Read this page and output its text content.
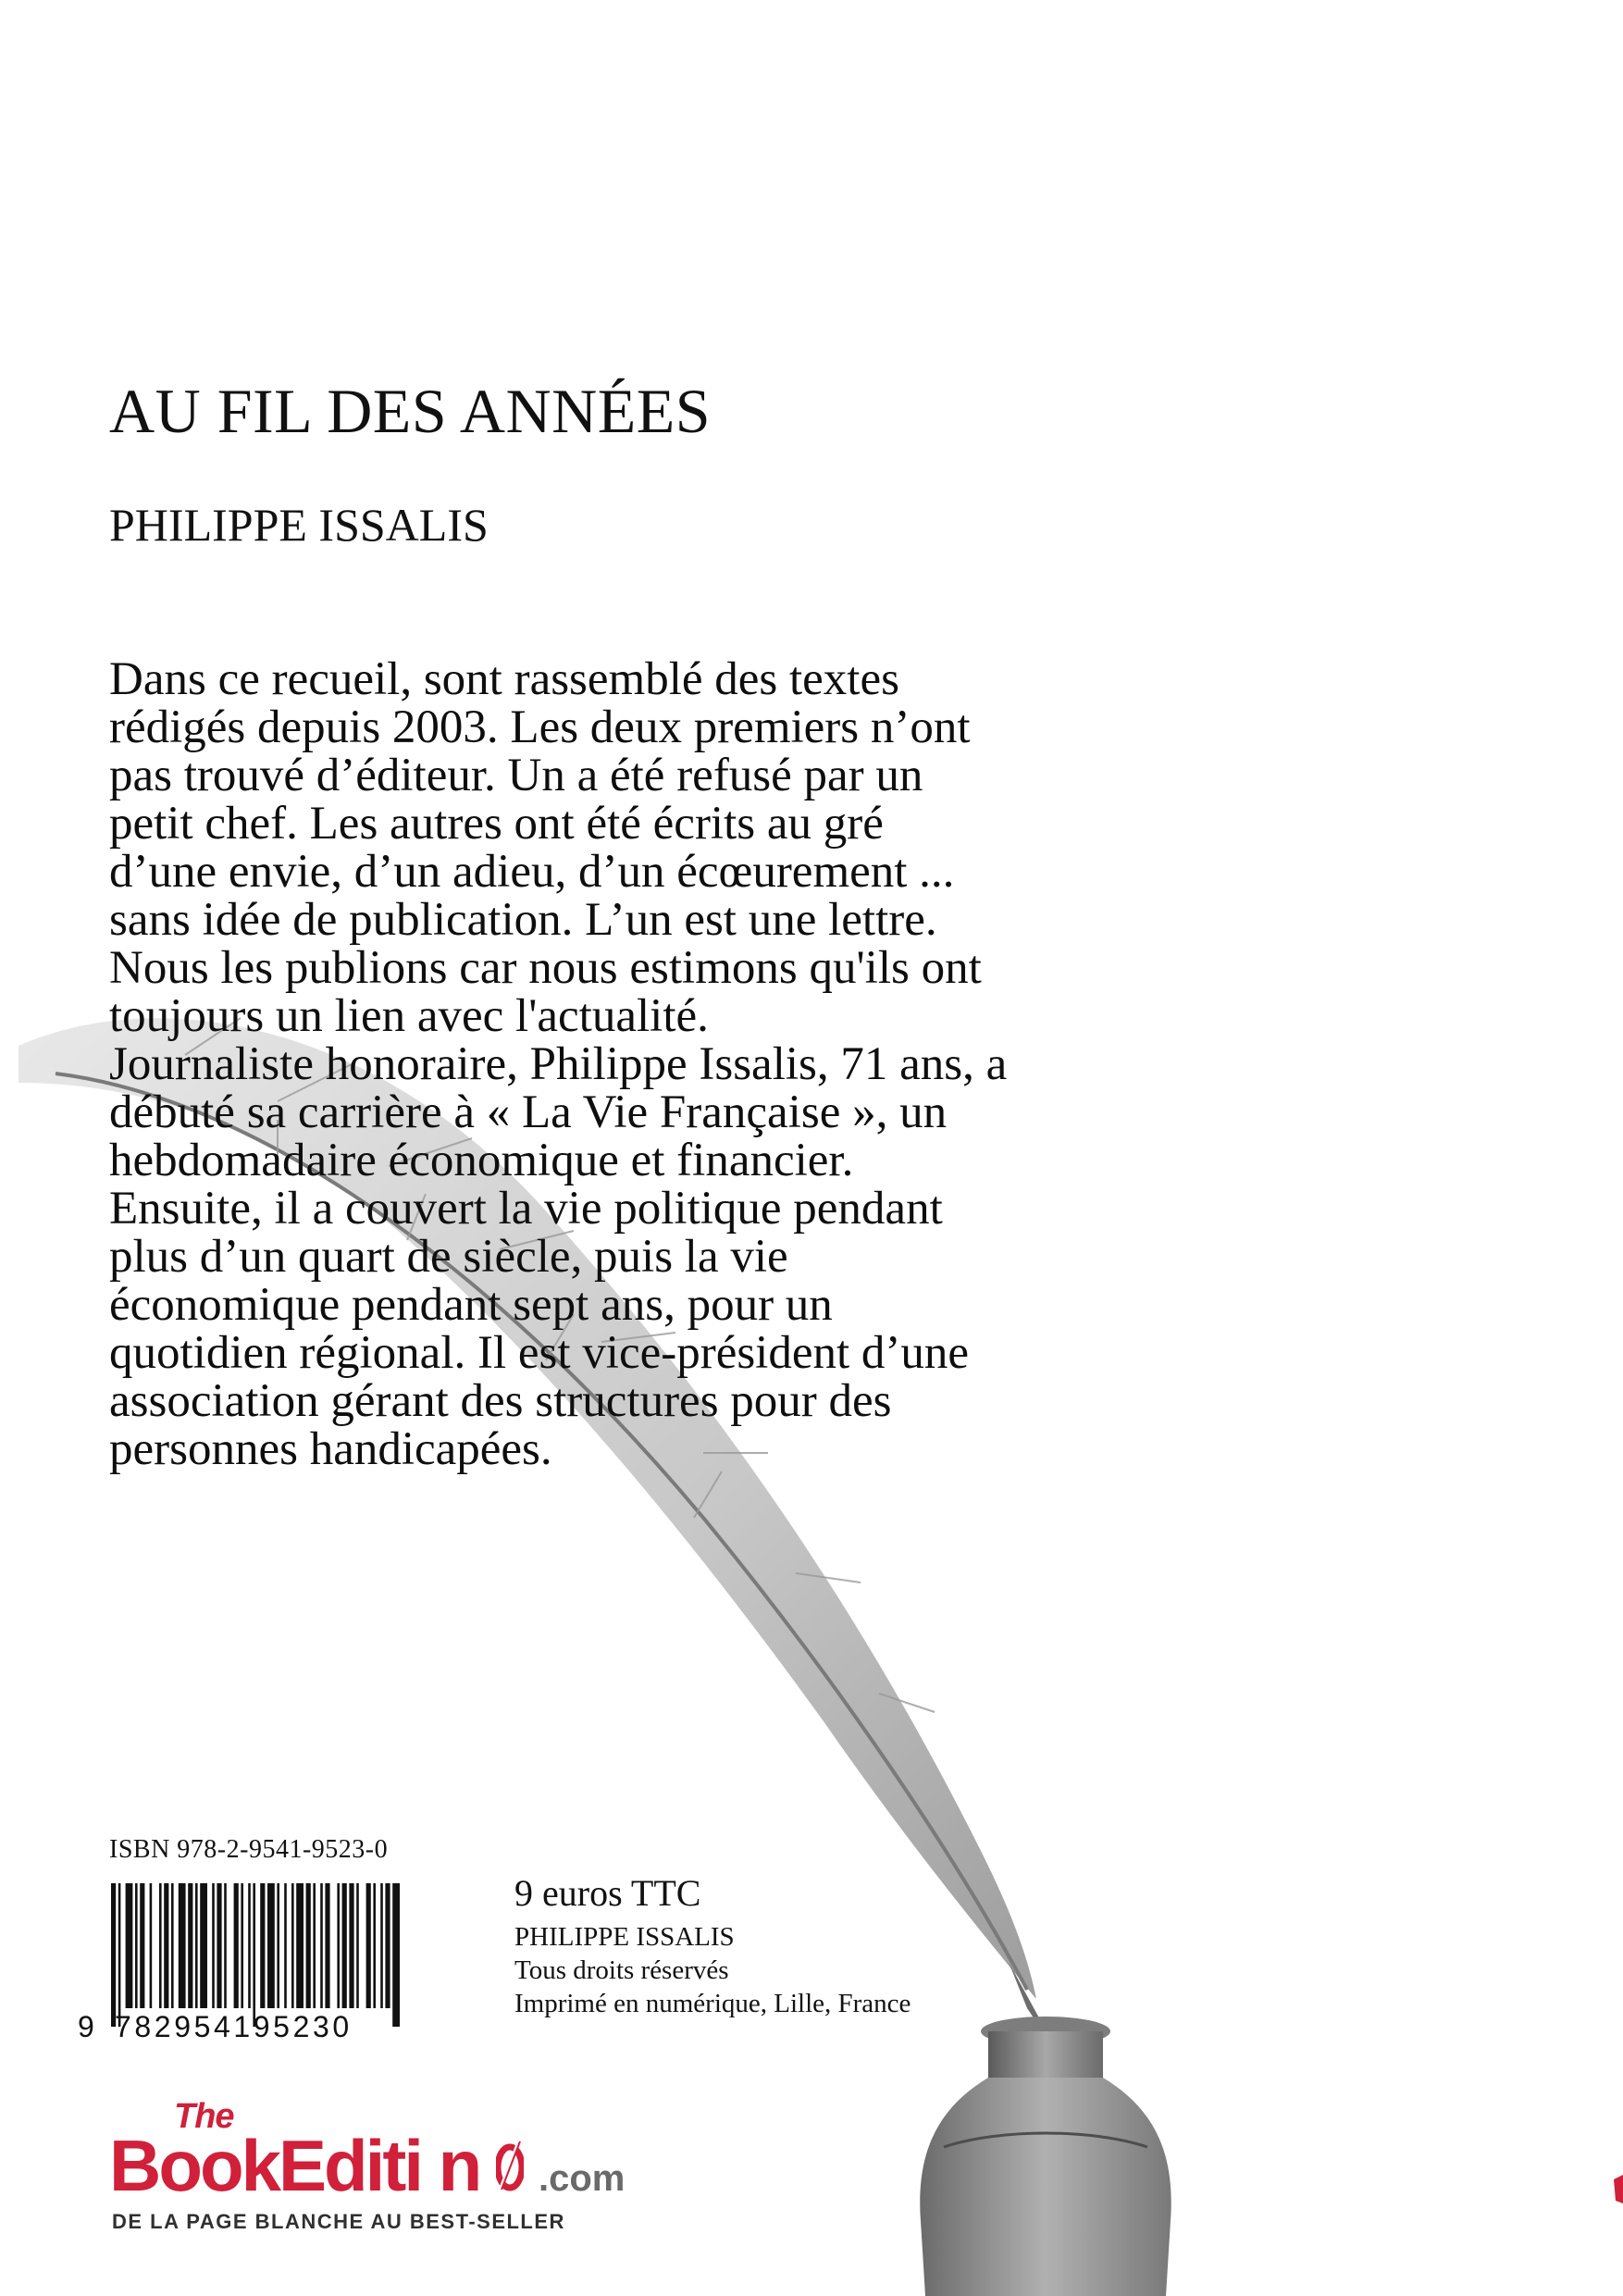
AU FIL DES ANNÉES
PHILIPPE ISSALIS
Dans ce recueil, sont rassemblé des textes
rédigés depuis 2003. Les deux premiers n’ont
pas trouvé d’éditeur. Un a été refusé par un
petit chef. Les autres ont été écrits au gré
d’une envie, d’un adieu, d’un écœurement ...
sans idée de publication. L’un est une lettre.
Nous les publions car nous estimons qu'ils ont
toujours un lien avec l'actualité.
Journaliste honoraire, Philippe Issalis, 71 ans, a
débuté sa carrière à « La Vie Française », un
hebdomadaire économique et financier.
Ensuite, il a couvert la vie politique pendant
plus d’un quart de siècle, puis la vie
économique pendant sept ans, pour un
quotidien régional. Il est vice-président d’une
association gérant des structures pour des
personnes handicapées.
ISBN 978-2-9541-9523-0
9 782954195230
9 euros TTC
PHILIPPE ISSALIS
Tous droits réservés
Imprimé en numérique, Lille, France
The
BookEditi n .com
DE LA PAGE BLANCHE AU BEST-SELLER
